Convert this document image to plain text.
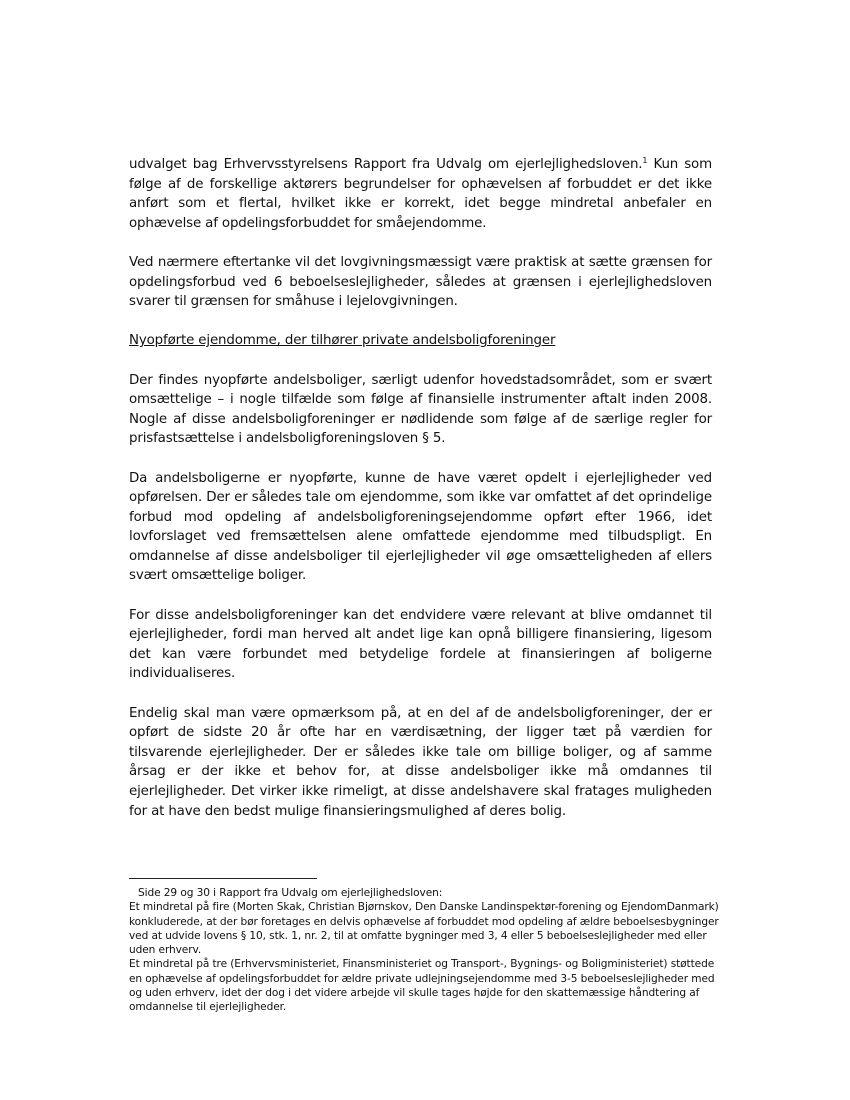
udvalget bag Erhvervsstyrelsens Rapport fra Udvalg om ejerlejlighedsloven.$^1$ Kun som følge af de forskellige aktørers begrundelser for ophævelsen af forbuddet er det ikke anført som et flertal, hvilket ikke er korrekt, idet begge mindretal anbefaler en ophævelse af opdelingsforbuddet for småejendomme.

Ved nærmere eftertanke vil det lovgivningsmæssigt være praktisk at sætte grænsen for opdelingsforbud ved 6 beboelseslejligheder, således at grænsen i ejerlejlighedsloven svarer til grænsen for småhuse i lejelovgivningen.

Nyopførte ejendomme, der tilhører private andelsboligforeninger

Der findes nyopførte andelsboliger, særligt udenfor hovedstadsområdet, som er svært omsættelige – i nogle tilfælde som følge af finansielle instrumenter aftalt inden 2008. Nogle af disse andelsboligforeninger er nødlidende som følge af de særlige regler for prisfastsættelse i andelsboligforeningsloven § 5.

Da andelsboligerne er nyopførte, kunne de have været opdelt i ejerlejligheder ved opførelsen. Der er således tale om ejendomme, som ikke var omfattet af det oprindelige forbud mod opdeling af andelsboligforeningsejendomme opført efter 1966, idet lovforslaget ved fremsættelsen alene omfattede ejendomme med tilbudspligt. En omdannelse af disse andelsboliger til ejerlejligheder vil øge omsætteligheden af ellers svært omsættelige boliger.

For disse andelsboligforeninger kan det endvidere være relevant at blive omdannet til ejerlejligheder, fordi man herved alt andet lige kan opnå billigere finansiering, ligesom det kan være forbundet med betydelige fordele at finansieringen af boligerne individualiseres.

Endelig skal man være opmærksom på, at en del af de andelsboligforeninger, der er opført de sidste 20 år ofte har en værdisætning, der ligger tæt på værdien for tilsvarende ejerlejligheder. Der er således ikke tale om billige boliger, og af samme årsag er der ikke et behov for, at disse andelsboliger ikke må omdannes til ejerlejligheder. Det virker ikke rimeligt, at disse andelshavere skal fratages muligheden for at have den bedst mulige finansieringsmulighed af deres bolig.

Side 29 og 30 i Rapport fra Udvalg om ejerlejlighedsloven:

Et mindretal på fire (Morten Skak, Christian Bjørnskov, Den Danske Landinspektør-forening og EjendomDanmark) konkluderede, at der bør foretages en delvis ophævelse af forbuddet mod opdeling af ældre beboelsesbygninger ved at udvide lovens § 10, stk. 1, nr. 2, til at omfatte bygninger med 3, 4 eller 5 beboelseslejligheder med eller uden erhverv.

Et mindretal på tre (Erhvervsministeriet, Finansministeriet og Transport-, Bygnings- og Boligministeriet) støttede en ophævelse af opdelingsforbuddet for ældre private udlejningsejendomme med 3-5 beboelseslejligheder med og uden erhverv, idet der dog i det videre arbejde vil skulle tages højde for den skattemæssige håndtering af omdannelse til ejerlejligheder.
